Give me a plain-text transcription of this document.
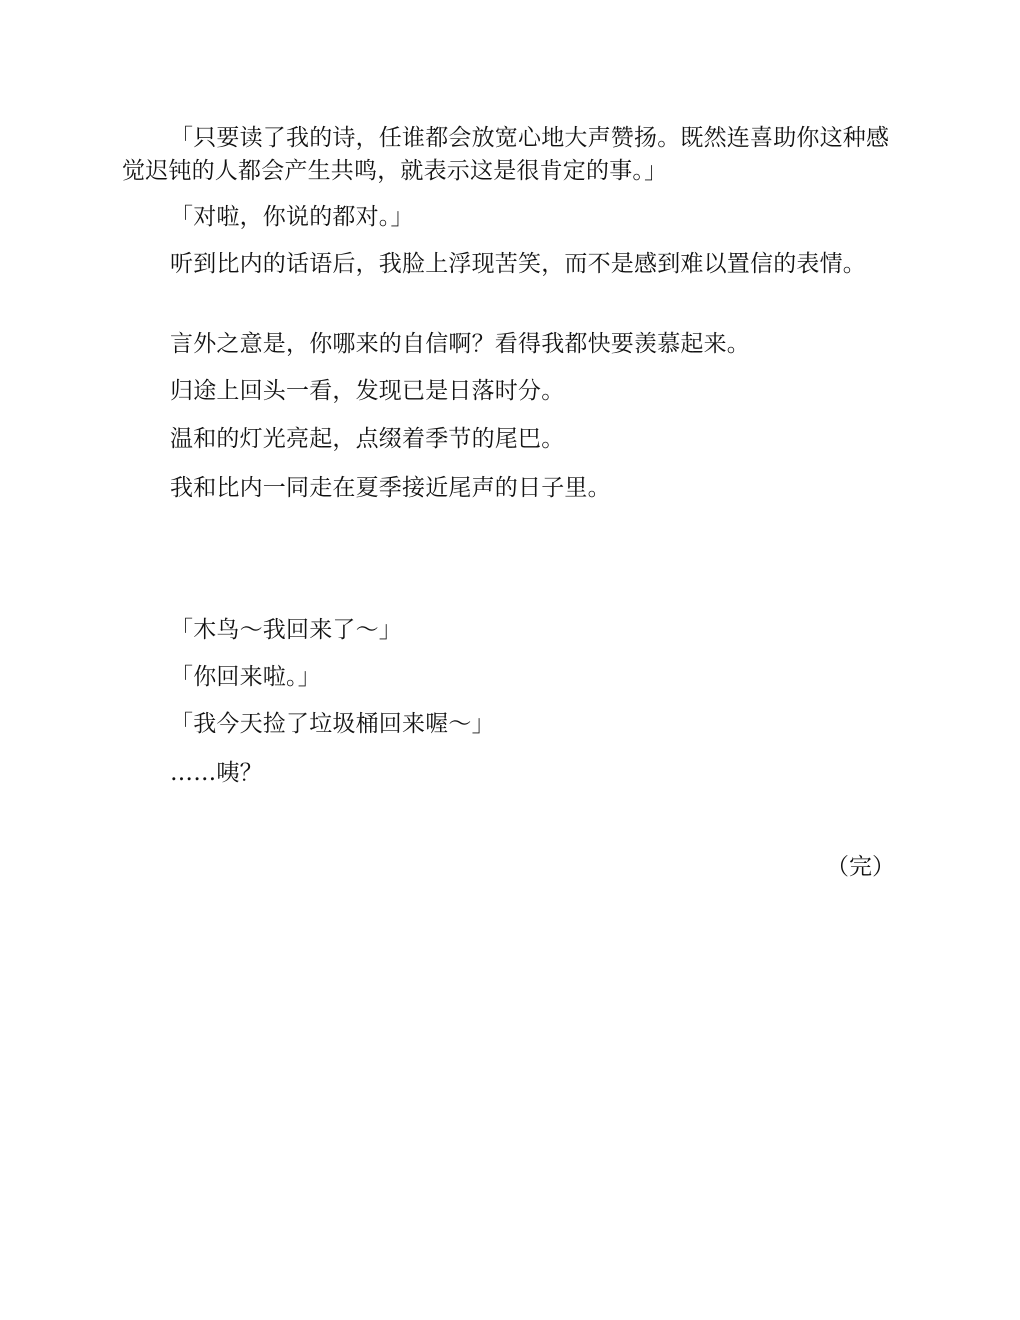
「只要读了我的诗，任谁都会放宽心地大声赞扬。既然连喜助你这种感觉迟钝的人都会产生共鸣，就表示这是很肯定的事。」

「对啦，你说的都对。」

听到比内的话语后，我脸上浮现苦笑，而不是感到难以置信的表情。

言外之意是，你哪来的自信啊？看得我都快要羡慕起来。

归途上回头一看，发现已是日落时分。

温和的灯光亮起，点缀着季节的尾巴。

我和比内一同走在夏季接近尾声的日子里。

「木鸟～我回来了～」

「你回来啦。」

「我今天捡了垃圾桶回来喔～」

……咦？

（完）
